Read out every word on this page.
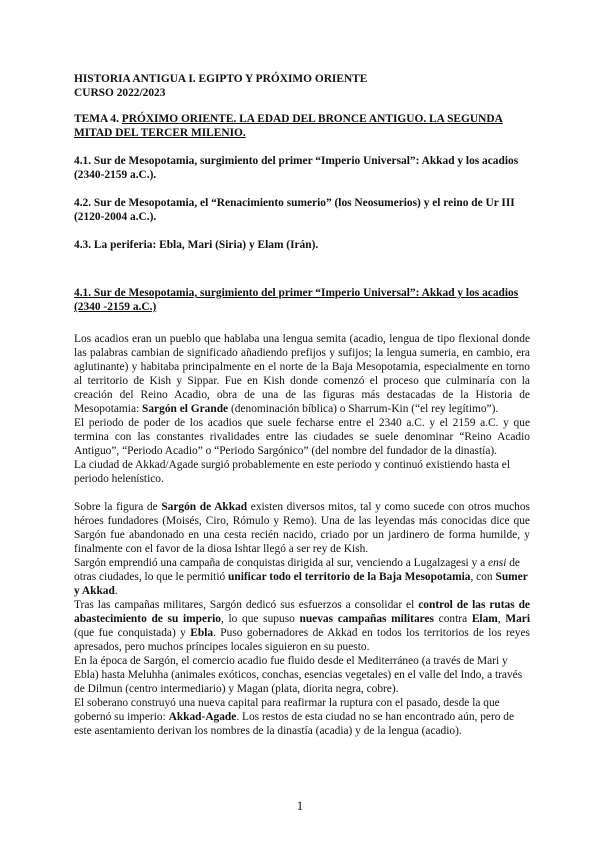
HISTORIA ANTIGUA I. EGIPTO Y PRÓXIMO ORIENTE

CURSO 2022/2023

TEMA 4. PRÓXIMO ORIENTE. LA EDAD DEL BRONCE ANTIGUO. LA SEGUNDA MITAD DEL TERCER MILENIO.

4.1. Sur de Mesopotamia, surgimiento del primer “Imperio Universal”: Akkad y los acadios (2340-2159 a.C.).

4.2. Sur de Mesopotamia, el “Renacimiento sumerio” (los Neosumerios) y el reino de Ur III (2120-2004 a.C.).

4.3. La periferia: Ebla, Mari (Siria) y Elam (Irán).

4.1. Sur de Mesopotamia, surgimiento del primer “Imperio Universal”: Akkad y los acadios (2340 -2159 a.C.)

Los acadios eran un pueblo que hablaba una lengua semita (acadio, lengua de tipo flexional donde las palabras cambian de significado añadiendo prefijos y sufijos; la lengua sumeria, en cambio, era aglutinante) y habitaba principalmente en el norte de la Baja Mesopotamia, especialmente en torno al territorio de Kish y Sippar. Fue en Kish donde comenzó el proceso que culminaría con la creación del Reino Acadio, obra de una de las figuras más destacadas de la Historia de Mesopotamia: Sargón el Grande (denominación bíblica) o Sharrum-Kin (“el rey legítimo”).

El periodo de poder de los acadios que suele fecharse entre el 2340 a.C. y el 2159 a.C. y que termina con las constantes rivalidades entre las ciudades se suele denominar “Reino Acadio Antiguo”, “Periodo Acadio” o “Periodo Sargónico” (del nombre del fundador de la dinastía).

La ciudad de Akkad/Agade surgió probablemente en este periodo y continuó existiendo hasta el periodo helenístico.

Sobre la figura de Sargón de Akkad existen diversos mitos, tal y como sucede con otros muchos héroes fundadores (Moisés, Ciro, Rómulo y Remo). Una de las leyendas más conocidas dice que Sargón fue abandonado en una cesta recién nacido, criado por un jardinero de forma humilde, y finalmente con el favor de la diosa Ishtar llegó a ser rey de Kish.

Sargón emprendió una campaña de conquistas dirigida al sur, venciendo a Lugalzagesi y a ensi de otras ciudades, lo que le permitió unificar todo el territorio de la Baja Mesopotamia, con Sumer y Akkad.

Tras las campañas militares, Sargón dedicó sus esfuerzos a consolidar el control de las rutas de abastecimiento de su imperio, lo que supuso nuevas campañas militares contra Elam, Mari (que fue conquistada) y Ebla. Puso gobernadores de Akkad en todos los territorios de los reyes apresados, pero muchos príncipes locales siguieron en su puesto.

En la época de Sargón, el comercio acadio fue fluido desde el Mediterráneo (a través de Mari y Ebla) hasta Meluhha (animales exóticos, conchas, esencias vegetales) en el valle del Indo, a través de Dilmun (centro intermediario) y Magan (plata, diorita negra, cobre).

El soberano construyó una nueva capital para reafirmar la ruptura con el pasado, desde la que gobernó su imperio: Akkad-Agade. Los restos de esta ciudad no se han encontrado aún, pero de este asentamiento derivan los nombres de la dinastía (acadia) y de la lengua (acadio).

1
